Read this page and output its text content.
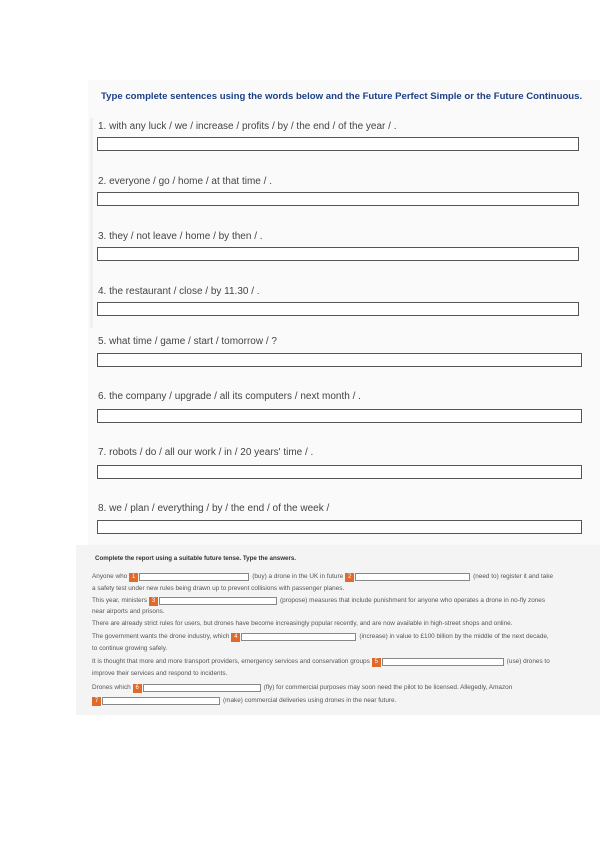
Type complete sentences using the words below and the Future Perfect Simple or the Future Continuous.
1. with any luck / we / increase / profits / by / the end / of the year / .
2. everyone / go / home / at that time / .
3. they / not leave / home / by then / .
4. the restaurant / close / by 11.30 / .
5. what time / game / start / tomorrow / ?
6. the company / upgrade / all its computers / next month / .
7. robots / do / all our work / in / 20 years' time / .
8. we / plan / everything / by / the end / of the week /
Complete the report using a suitable future tense. Type the answers.
Anyone who 1	(buy) a drone in the UK in future 2	(need to) register it and take
a safety test under new rules being drawn up to prevent collisions with passenger planes.
This year, ministers 3	(propose) measures that include punishment for anyone who operates a drone in no-fly zones
near airports and prisons.
There are already strict rules for users, but drones have become increasingly popular recently, and are now available in high-street shops and online.
The government wants the drone industry, which 4	(increase) in value to £100 billion by the middle of the next decade,
to continue growing safely.
It is thought that more and more transport providers, emergency services and conservation groups 5	(use) drones to
improve their services and respond to incidents.
Drones which 6	(fly) for commercial purposes may soon need the pilot to be licensed. Allegedly, Amazon
7	(make) commercial deliveries using drones in the near future.
